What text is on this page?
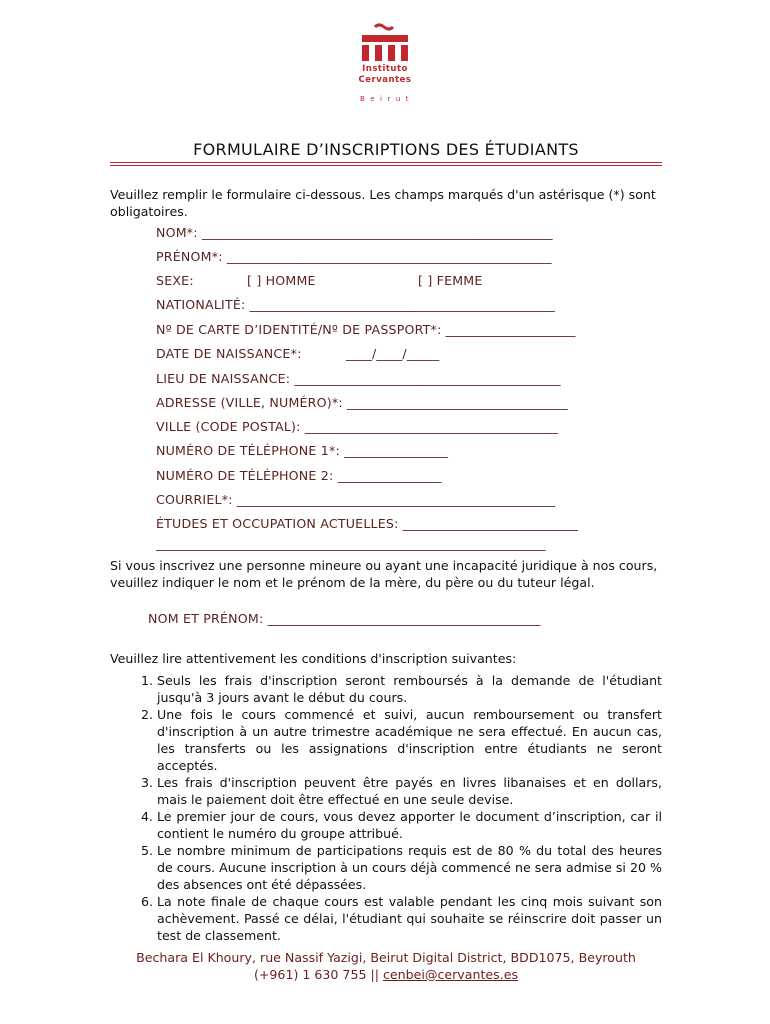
Instituto
Cervantes
Beirut
FORMULAIRE D’INSCRIPTIONS DES ÉTUDIANTS
Veuillez remplir le formulaire ci-dessous. Les champs marqués d'un astérisque (*) sont obligatoires.
NOM*: ______________________________________________________
PRÉNOM*: __________________________________________________
SEXE:	[ ] HOMME	[ ] FEMME
NATIONALITÉ: _______________________________________________
Nº DE CARTE D’IDENTITÉ/Nº DE PASSPORT*: ____________________
DATE DE NAISSANCE*:	____/____/_____
LIEU DE NAISSANCE: _________________________________________
ADRESSE (VILLE, NUMÉRO)*: __________________________________
VILLE (CODE POSTAL): _______________________________________
NUMÉRO DE TÉLÉPHONE 1*: ________________
NUMÉRO DE TÉLÉPHONE 2: ________________
COURRIEL*: _________________________________________________
ÉTUDES ET OCCUPATION ACTUELLES: ___________________________
____________________________________________________________
Si vous inscrivez une personne mineure ou ayant une incapacité juridique à nos cours, veuillez indiquer le nom et le prénom de la mère, du père ou du tuteur légal.
NOM ET PRÉNOM: __________________________________________
Veuillez lire attentivement les conditions d'inscription suivantes:
1. Seuls les frais d'inscription seront remboursés à la demande de l'étudiant jusqu'à 3 jours avant le début du cours.
2. Une fois le cours commencé et suivi, aucun remboursement ou transfert d'inscription à un autre trimestre académique ne sera effectué. En aucun cas, les transferts ou les assignations d'inscription entre étudiants ne seront acceptés.
3. Les frais d'inscription peuvent être payés en livres libanaises et en dollars, mais le paiement doit être effectué en une seule devise.
4. Le premier jour de cours, vous devez apporter le document d’inscription, car il contient le numéro du groupe attribué.
5. Le nombre minimum de participations requis est de 80 % du total des heures de cours. Aucune inscription à un cours déjà commencé ne sera admise si 20 % des absences ont été dépassées.
6. La note finale de chaque cours est valable pendant les cinq mois suivant son achèvement. Passé ce délai, l'étudiant qui souhaite se réinscrire doit passer un test de classement.
Bechara El Khoury, rue Nassif Yazigi, Beirut Digital District, BDD1075, Beyrouth
(+961) 1 630 755 || cenbei@cervantes.es
